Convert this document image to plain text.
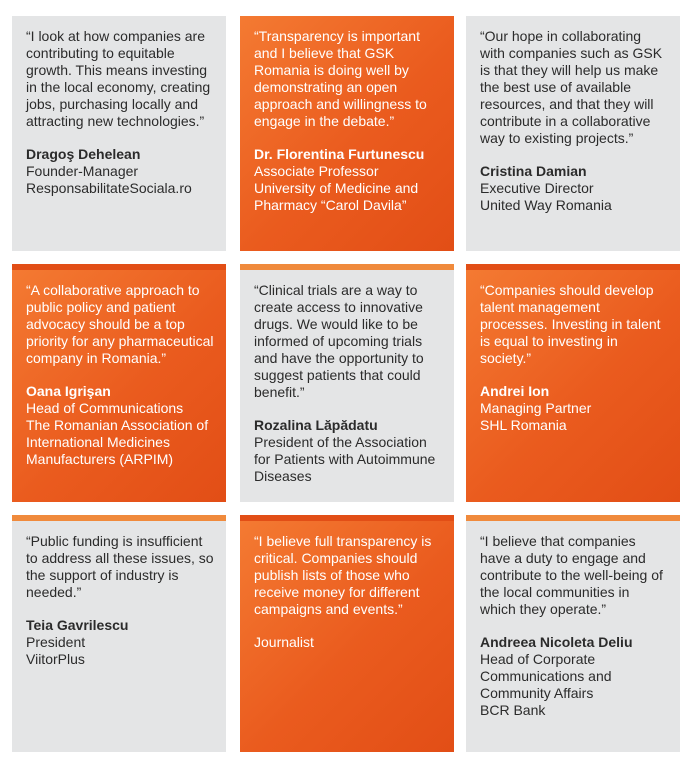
“I look at how companies are contributing to equitable growth. This means investing in the local economy, creating jobs, purchasing locally and attracting new technologies.”

Dragoş Dehelean

Founder-Manager

ResponsabilitateSociala.ro

“Transparency is important and I believe that GSK Romania is doing well by demonstrating an open approach and willingness to engage in the debate.”

Dr. Florentina Furtunescu

Associate Professor

University of Medicine and Pharmacy “Carol Davila”

“Our hope in collaborating with companies such as GSK is that they will help us make the best use of available resources, and that they will contribute in a collaborative way to existing projects.”

Cristina Damian

Executive Director

United Way Romania

“A collaborative approach to public policy and patient advocacy should be a top priority for any pharmaceutical company in Romania.”

Oana Igrişan

Head of Communications

The Romanian Association of International Medicines Manufacturers (ARPIM)

“Clinical trials are a way to create access to innovative drugs. We would like to be informed of upcoming trials and have the opportunity to suggest patients that could benefit.”

Rozalina Lăpădatu

President of the Association for Patients with Autoimmune Diseases

“Companies should develop talent management processes. Investing in talent is equal to investing in society.”

Andrei Ion

Managing Partner

SHL Romania

“Public funding is insufficient to address all these issues, so the support of industry is needed.”

Teia Gavrilescu

President

ViitorPlus

“I believe full transparency is critical. Companies should publish lists of those who receive money for different campaigns and events.”

Journalist

“I believe that companies have a duty to engage and contribute to the well-being of the local communities in which they operate.”

Andreea Nicoleta Deliu

Head of Corporate Communications and Community Affairs

BCR Bank
